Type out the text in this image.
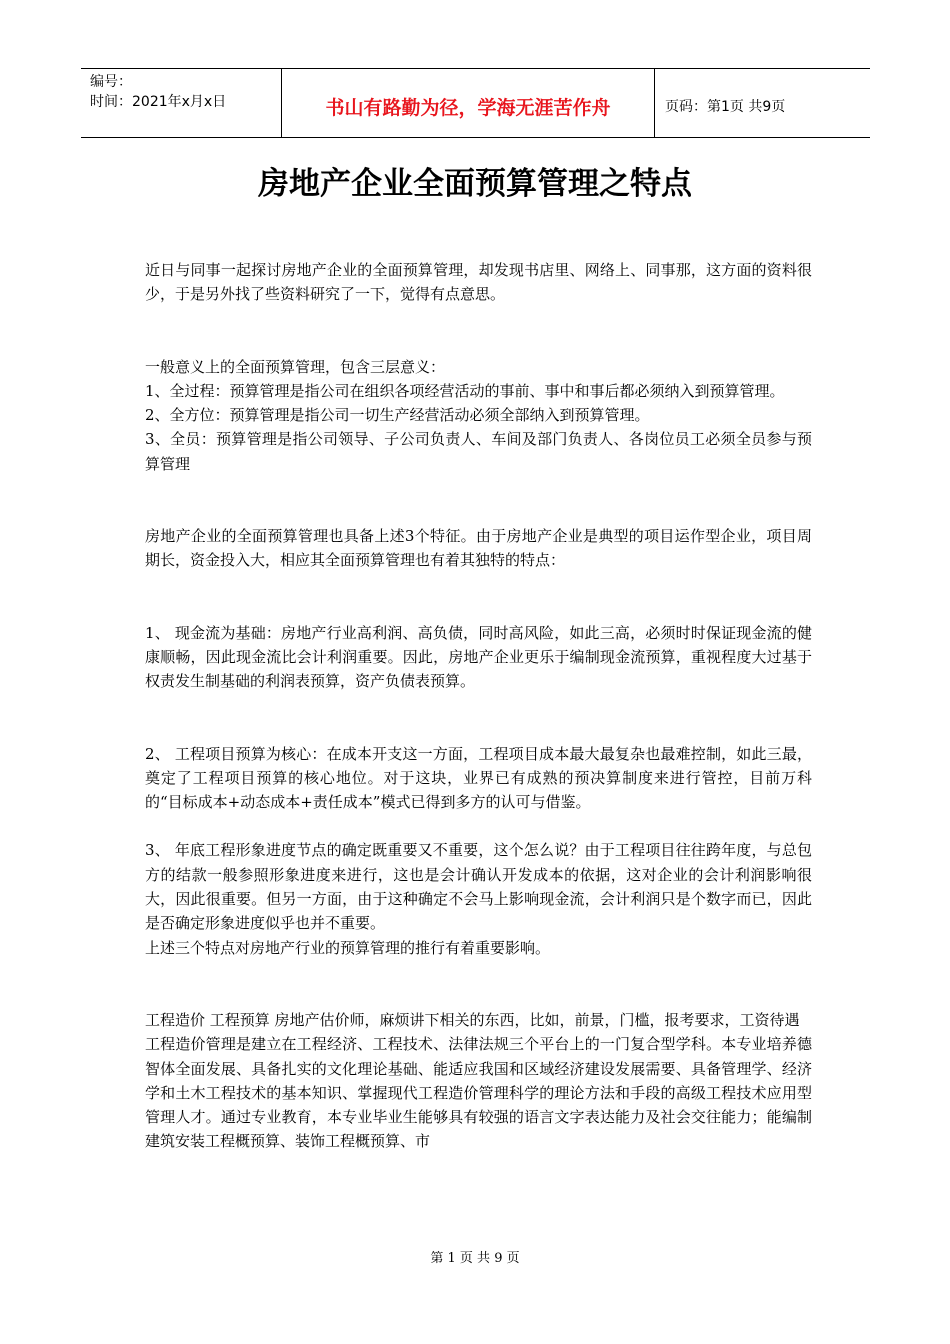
编号：
时间：2021年x月x日	书山有路勤为径，学海无涯苦作舟	页码：第1页 共9页
房地产企业全面预算管理之特点

近日与同事一起探讨房地产企业的全面预算管理，却发现书店里、网络上、同事那，这方面的资料很少，于是另外找了些资料研究了一下，觉得有点意思。

一般意义上的全面预算管理，包含三层意义：

1、全过程：预算管理是指公司在组织各项经营活动的事前、事中和事后都必须纳入到预算管理。

2、全方位：预算管理是指公司一切生产经营活动必须全部纳入到预算管理。

3、全员：预算管理是指公司领导、子公司负责人、车间及部门负责人、各岗位员工必须全员参与预算管理

房地产企业的全面预算管理也具备上述3个特征。由于房地产企业是典型的项目运作型企业，项目周期长，资金投入大，相应其全面预算管理也有着其独特的特点：

1、 现金流为基础：房地产行业高利润、高负债，同时高风险，如此三高，必须时时保证现金流的健康顺畅，因此现金流比会计利润重要。因此，房地产企业更乐于编制现金流预算，重视程度大过基于权责发生制基础的利润表预算，资产负债表预算。

2、 工程项目预算为核心：在成本开支这一方面，工程项目成本最大最复杂也最难控制，如此三最，奠定了工程项目预算的核心地位。对于这块，业界已有成熟的预决算制度来进行管控，目前万科的“目标成本+动态成本+责任成本”模式已得到多方的认可与借鉴。

3、 年底工程形象进度节点的确定既重要又不重要，这个怎么说？由于工程项目往往跨年度，与总包方的结款一般参照形象进度来进行，这也是会计确认开发成本的依据，这对企业的会计利润影响很大，因此很重要。但另一方面，由于这种确定不会马上影响现金流，会计利润只是个数字而已，因此是否确定形象进度似乎也并不重要。

上述三个特点对房地产行业的预算管理的推行有着重要影响。

工程造价 工程预算 房地产估价师，麻烦讲下相关的东西，比如，前景，门槛，报考要求，工资待遇

工程造价管理是建立在工程经济、工程技术、法律法规三个平台上的一门复合型学科。本专业培养德智体全面发展、具备扎实的文化理论基础、能适应我国和区域经济建设发展需要、具备管理学、经济学和土木工程技术的基本知识、掌握现代工程造价管理科学的理论方法和手段的高级工程技术应用型管理人才。通过专业教育，本专业毕业生能够具有较强的语言文字表达能力及社会交往能力；能编制建筑安装工程概预算、装饰工程概预算、市

第 1 页 共 9 页
